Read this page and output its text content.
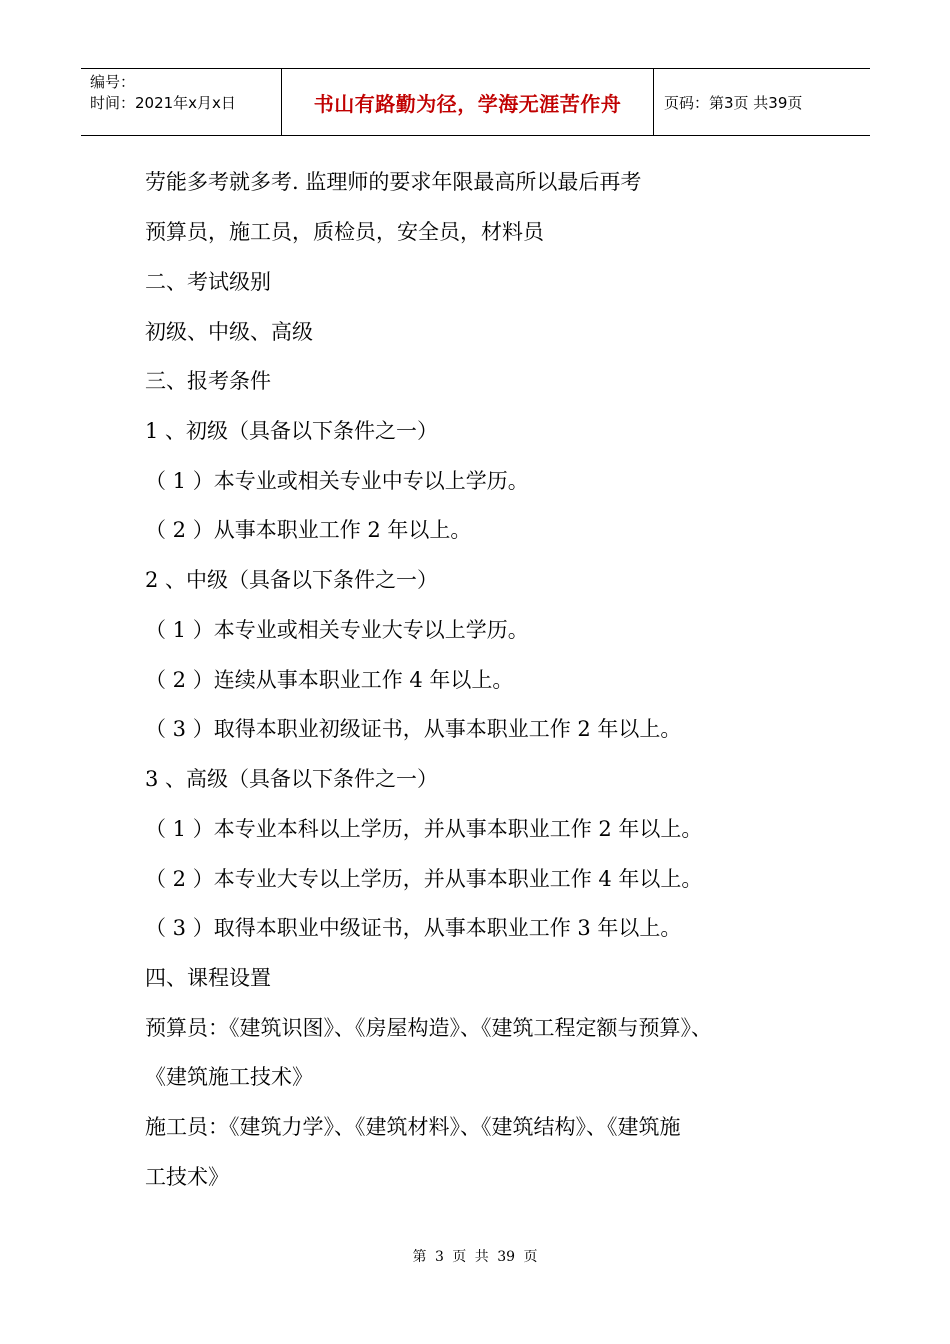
编号：
时间：2021年x月x日	书山有路勤为径，学海无涯苦作舟	页码：第3页 共39页
劳能多考就多考. 监理师的要求年限最高所以最后再考
预算员，施工员，质检员，安全员，材料员
二、考试级别
初级、中级、高级
三、报考条件
1 、初级（具备以下条件之一）
（ 1 ）本专业或相关专业中专以上学历。
（ 2 ）从事本职业工作 2 年以上。
2 、中级（具备以下条件之一）
（ 1 ）本专业或相关专业大专以上学历。
（ 2 ）连续从事本职业工作 4 年以上。
（ 3 ）取得本职业初级证书，从事本职业工作 2 年以上。
3 、高级（具备以下条件之一）
（ 1 ）本专业本科以上学历，并从事本职业工作 2 年以上。
（ 2 ）本专业大专以上学历，并从事本职业工作 4 年以上。
（ 3 ）取得本职业中级证书，从事本职业工作 3 年以上。
四、课程设置
预算员：《建筑识图》、《房屋构造》、《建筑工程定额与预算》、
《建筑施工技术》
施工员：《建筑力学》、《建筑材料》、《建筑结构》、《建筑施
工技术》
第 3 页 共 39 页
